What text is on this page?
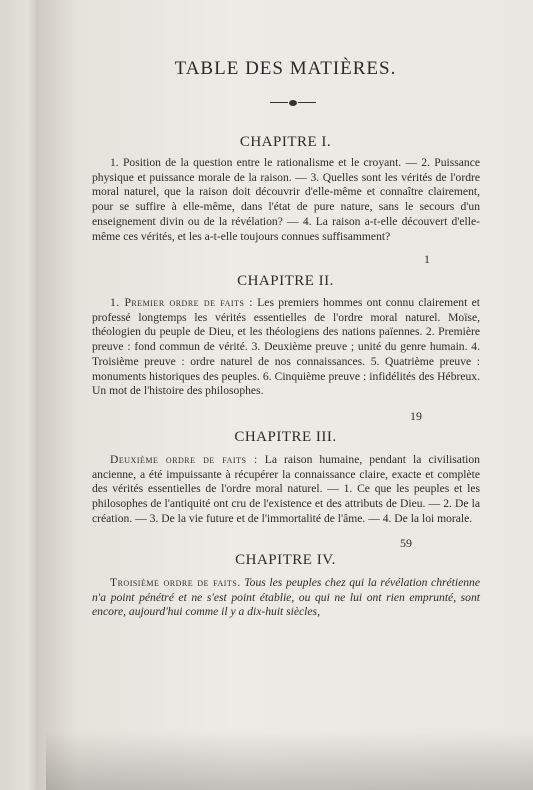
TABLE DES MATIÈRES.
CHAPITRE I.
1. Position de la question entre le rationalisme et le croyant. — 2. Puissance physique et puissance morale de la raison. — 3. Quelles sont les vérités de l'ordre moral naturel, que la raison doit découvrir d'elle-même et connaître clairement, pour se suffire à elle-même, dans l'état de pure nature, sans le secours d'un enseignement divin ou de la révélation? — 4. La raison a-t-elle découvert d'elle-même ces vérités, et les a-t-elle toujours connues suffisamment?
1
CHAPITRE II.
1. Premier ordre de faits : Les premiers hommes ont connu clairement et professé longtemps les vérités essentielles de l'ordre moral naturel. Moïse, théologien du peuple de Dieu, et les théologiens des nations païennes. 2. Première preuve : fond commun de vérité. 3. Deuxième preuve ; unité du genre humain. 4. Troisième preuve : ordre naturel de nos connaissances. 5. Quatrième preuve : monuments historiques des peuples. 6. Cinquième preuve : infidélités des Hébreux. Un mot de l'histoire des philosophes.
19
CHAPITRE III.
Deuxième ordre de faits : La raison humaine, pendant la civilisation ancienne, a été impuissante à récupérer la connaissance claire, exacte et complète des vérités essentielles de l'ordre moral naturel. — 1. Ce que les peuples et les philosophes de l'antiquité ont cru de l'existence et des attributs de Dieu. — 2. De la création. — 3. De la vie future et de l'immortalité de l'âme. — 4. De la loi morale.
59
CHAPITRE IV.
Troisième ordre de faits. Tous les peuples chez qui la révélation chrétienne n'a point pénétré et ne s'est point établie, ou qui ne lui ont rien emprunté, sont encore, aujourd'hui comme il y a dix-huit siècles,
